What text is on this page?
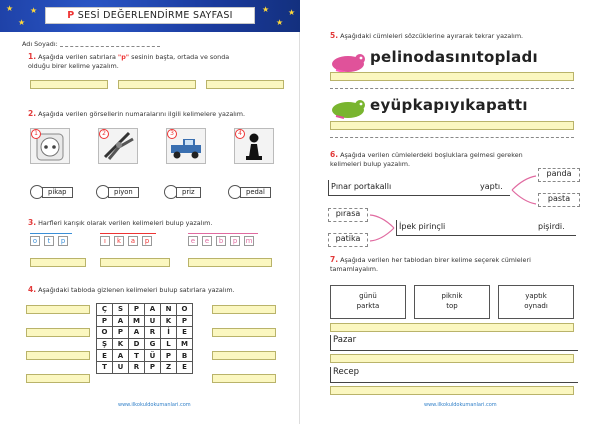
★
★
★	★
★
★
P SESİ DEĞERLENDİRME SAYFASI
Adı Soyadı:
1. Aşağıda verilen satırlara "p" sesinin başta, ortada ve sonda
olduğu birer kelime yazalım.
2. Aşağıda verilen görsellerin numaralarını ilgili kelimelere yazalım.
1	2	3	4
pikap	piyon	priz	pedal
3. Harfleri karışık olarak verilen kelimeleri bulup yazalım.
o	t	p	ı	k	a	p	e	e	b	p	m
4. Aşağıdaki tabloda gizlenen kelimeleri bulup satırlara yazalım.
Ç	S	P	A	N	O
P	A	M	U	K	P
O	P	A	R	İ	E
Ş	K	D	G	L	M
E	A	T	Ü	P	B
T	U	R	P	Z	E
www.ilkokuldokumanlari.com
5. Aşağıdaki cümleleri sözcüklerine ayırarak tekrar yazalım.
pelinodasınıtopladı
eyüpkapıyıkapattı
6. Aşağıda verilen cümlelerdeki boşluklara gelmesi gereken
kelimeleri bulup yazalım.
Pınar portakallı	yaptı.
panda
pasta
pırasa
patika
İpek pirinçli	pişirdi.
7. Aşağıda verilen her tablodan birer kelime seçerek cümleleri
tamamlayalım.
günü
parkta
piknik
top
yaptık
oynadı
Pazar
Recep
www.ilkokuldokumanlari.com
